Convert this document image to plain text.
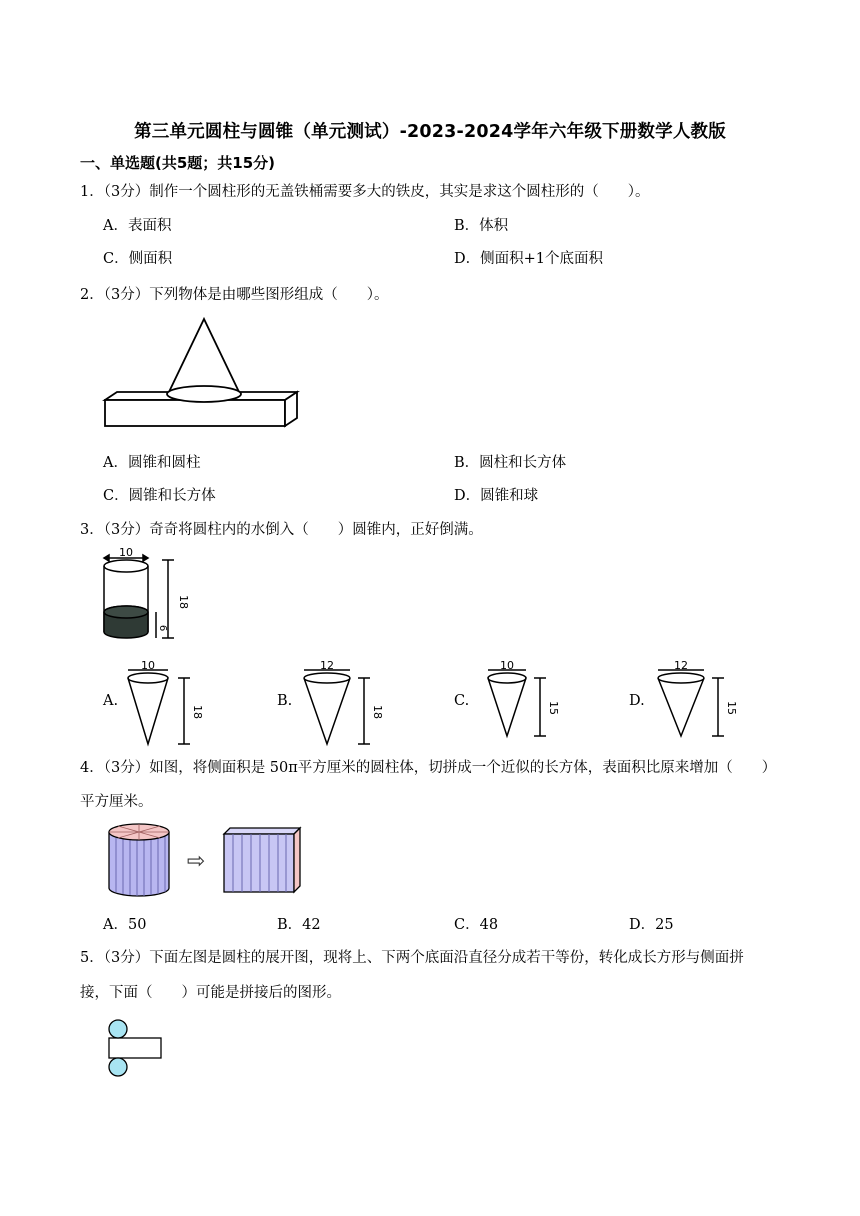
第三单元圆柱与圆锥（单元测试）-2023-2024学年六年级下册数学人教版
一、单选题(共5题；共15分)
1．（3分）制作一个圆柱形的无盖铁桶需要多大的铁皮，其实是求这个圆柱形的（　　）。
A．表面积	B．体积
C．侧面积	D．侧面积+1个底面积
2．（3分）下列物体是由哪些图形组成（　　）。
A．圆锥和圆柱	B．圆柱和长方体
C．圆锥和长方体	D．圆锥和球
3．（3分）奇奇将圆柱内的水倒入（　　）圆锥内，正好倒满。
10
18
6
A.
10
18
B.
12
18
C.
10
15	D.
12
15
4．（3分）如图，将侧面积是 50π平方厘米的圆柱体，切拼成一个近似的长方体，表面积比原来增加（　　）
平方厘米。
⇨
A．50	B．42	C．48	D．25
5．（3分）下面左图是圆柱的展开图，现将上、下两个底面沿直径分成若干等份，转化成长方形与侧面拼
接，下面（　　）可能是拼接后的图形。
